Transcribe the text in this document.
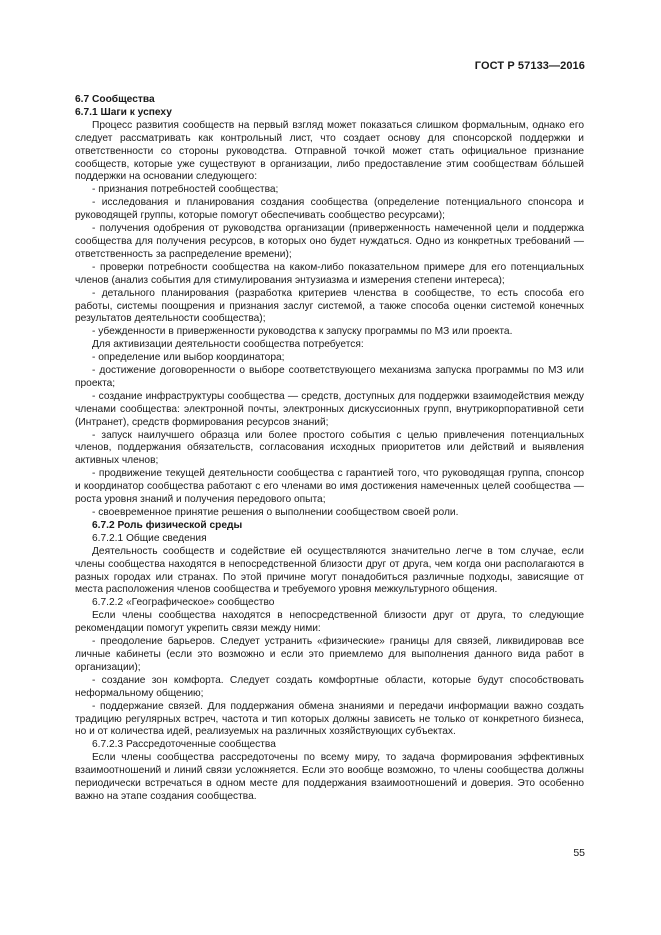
ГОСТ Р 57133—2016

6.7 Сообщества

6.7.1 Шаги к успеху

Процесс развития сообществ на первый взгляд может показаться слишком формальным, однако его следует рассматривать как контрольный лист, что создает основу для спонсорской поддержки и ответственности со стороны руководства. Отправной точкой может стать официальное признание сообществ, которые уже существуют в организации, либо предоставление этим сообществам бо́льшей поддержки на основании следующего:

- признания потребностей сообщества;

- исследования и планирования создания сообщества (определение потенциального спонсора и руководящей группы, которые помогут обеспечивать сообщество ресурсами);

- получения одобрения от руководства организации (приверженность намеченной цели и поддержка сообщества для получения ресурсов, в которых оно будет нуждаться. Одно из конкретных требований — ответственность за распределение времени);

- проверки потребности сообщества на каком-либо показательном примере для его потенциальных членов (анализ события для стимулирования энтузиазма и измерения степени интереса);

- детального планирования (разработка критериев членства в сообществе, то есть способа его работы, системы поощрения и признания заслуг системой, а также способа оценки системой конечных результатов деятельности сообщества);

- убежденности в приверженности руководства к запуску программы по МЗ или проекта.

Для активизации деятельности сообщества потребуется:

- определение или выбор координатора;

- достижение договоренности о выборе соответствующего механизма запуска программы по МЗ или проекта;

- создание инфраструктуры сообщества — средств, доступных для поддержки взаимодействия между членами сообщества: электронной почты, электронных дискуссионных групп, внутрикорпоративной сети (Интранет), средств формирования ресурсов знаний;

- запуск наилучшего образца или более простого события с целью привлечения потенциальных членов, поддержания обязательств, согласования исходных приоритетов или действий и выявления активных членов;

- продвижение текущей деятельности сообщества с гарантией того, что руководящая группа, спонсор и координатор сообщества работают с его членами во имя достижения намеченных целей сообщества — роста уровня знаний и получения передового опыта;

- своевременное принятие решения о выполнении сообществом своей роли.

6.7.2 Роль физической среды

6.7.2.1 Общие сведения

Деятельность сообществ и содействие ей осуществляются значительно легче в том случае, если члены сообщества находятся в непосредственной близости друг от друга, чем когда они располагаются в разных городах или странах. По этой причине могут понадобиться различные подходы, зависящие от места расположения членов сообщества и требуемого уровня межкультурного общения.

6.7.2.2 «Географическое» сообщество

Если члены сообщества находятся в непосредственной близости друг от друга, то следующие рекомендации помогут укрепить связи между ними:

- преодоление барьеров. Следует устранить «физические» границы для связей, ликвидировав все личные кабинеты (если это возможно и если это приемлемо для выполнения данного вида работ в организации);

- создание зон комфорта. Следует создать комфортные области, которые будут способствовать неформальному общению;

- поддержание связей. Для поддержания обмена знаниями и передачи информации важно создать традицию регулярных встреч, частота и тип которых должны зависеть не только от конкретного бизнеса, но и от количества идей, реализуемых на различных хозяйствующих субъектах.

6.7.2.3 Рассредоточенные сообщества

Если члены сообщества рассредоточены по всему миру, то задача формирования эффективных взаимоотношений и линий связи усложняется. Если это вообще возможно, то члены сообщества должны периодически встречаться в одном месте для поддержания взаимоотношений и доверия. Это особенно важно на этапе создания сообщества.

55
